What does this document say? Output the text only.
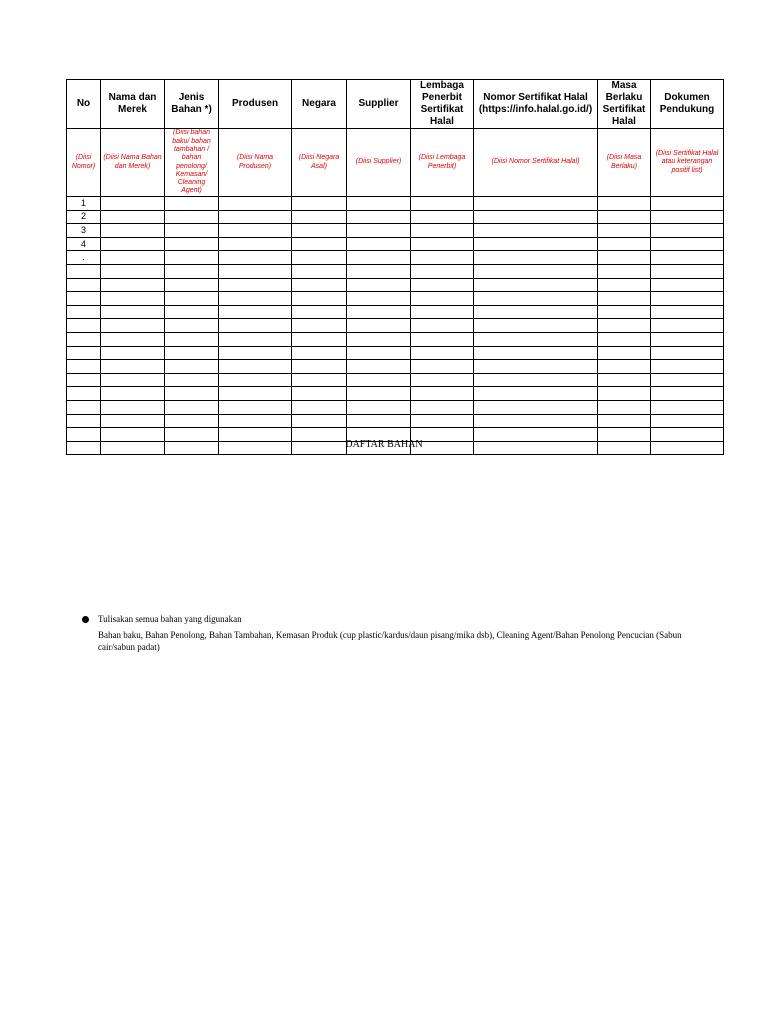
No	Nama dan Merek	Jenis Bahan *)	Produsen	Negara	Supplier	Lembaga Penerbit Sertifikat Halal	Nomor Sertifikat Halal (https://info.halal.go.id/)	Masa Berlaku Sertifikat Halal	Dokumen Pendukung
(Diisi Nomor)	(Diisi Nama Bahan dan Merek)	(Diisi bahan baku/ bahan tambahan / bahan penolong/ Kemasan/ Cleaning Agent)	(Diisi Nama Produsen)	(Diisi Negara Asal)	(Diisi Supplier)	(Diisi Lembaga Penerbit)	(Diisi Nomor Sertifikat Halal)	(Diisi Masa Berlaku)	(Diisi Sertifikat Halal atau keterangan positif list)
1									
2									
3									
4									
.									

DAFTAR BAHAN
Tulisakan semua bahan yang digunakan
Bahan baku, Bahan Penolong, Bahan Tambahan, Kemasan Produk (cup plastic/kardus/daun pisang/mika dsb), Cleaning Agent/Bahan Penolong Pencucian (Sabun cair/sabun padat)
